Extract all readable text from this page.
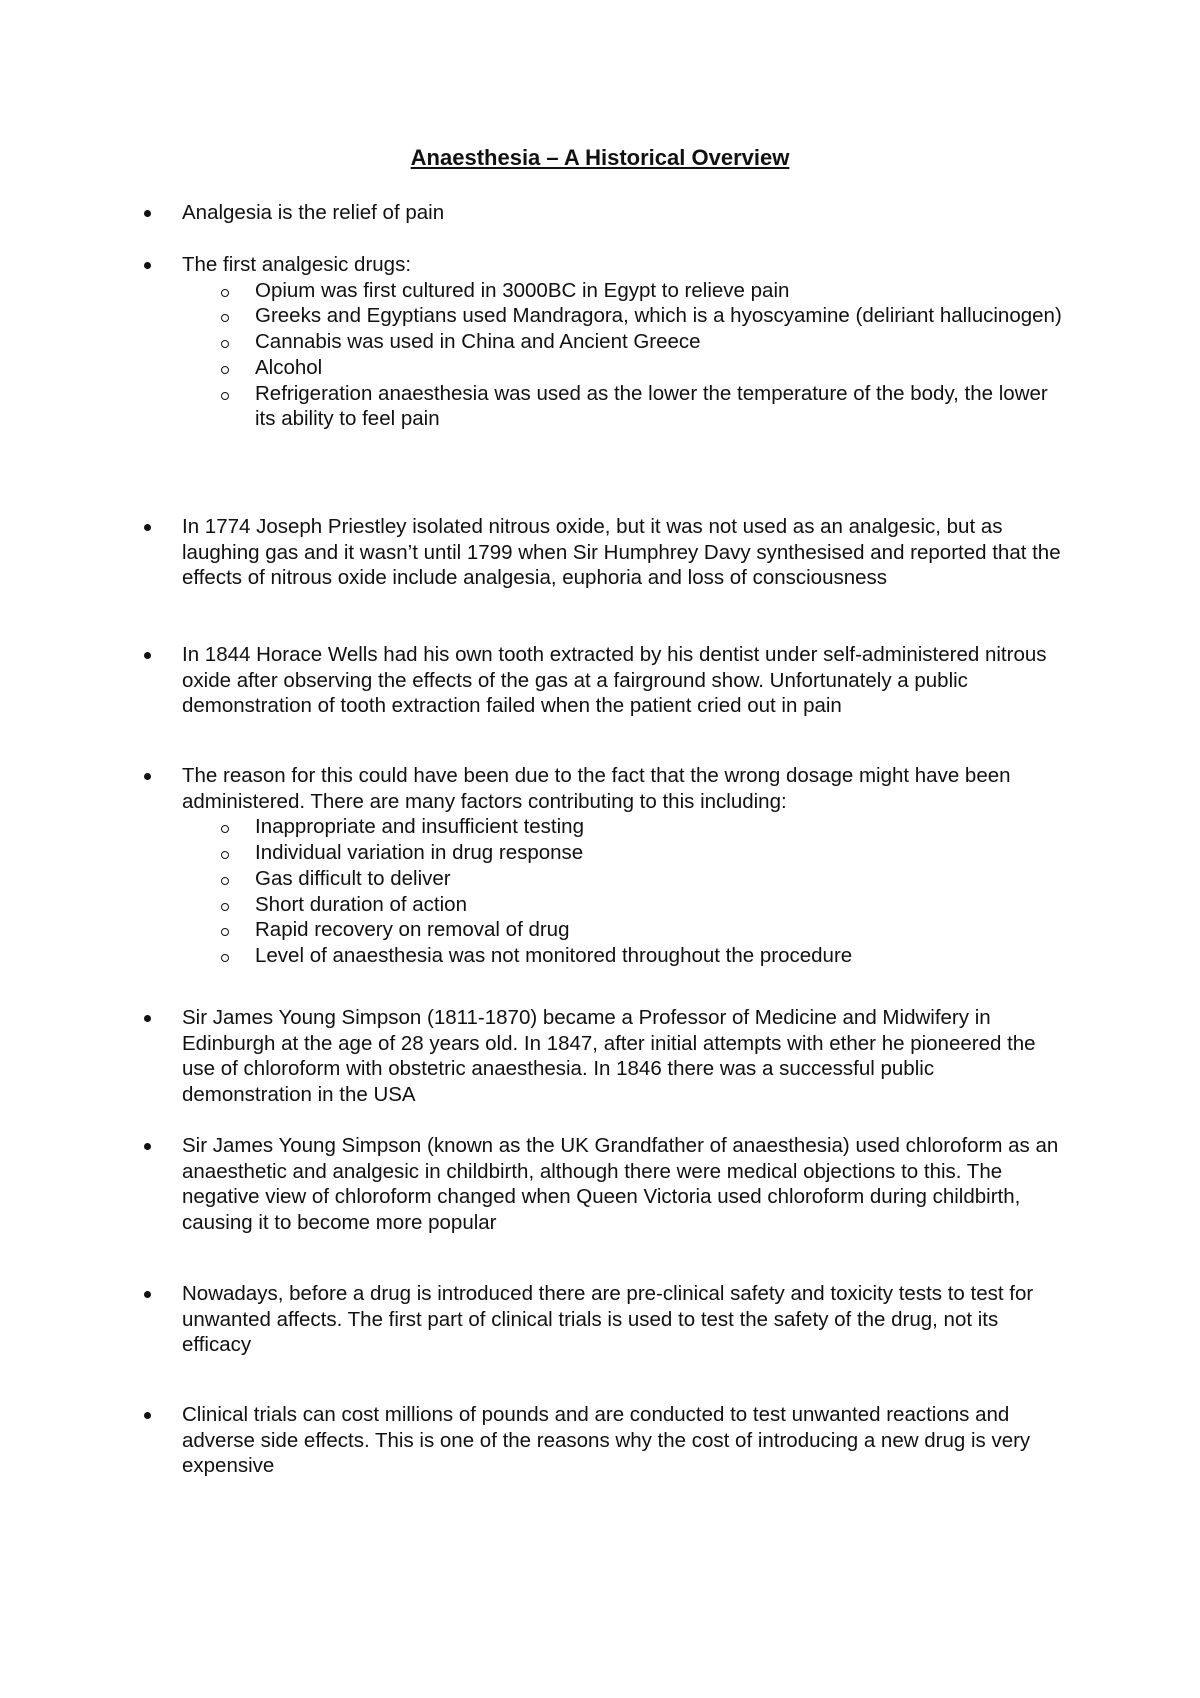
Anaesthesia – A Historical Overview
Analgesia is the relief of pain
The first analgesic drugs:
Opium was first cultured in 3000BC in Egypt to relieve pain
Greeks and Egyptians used Mandragora, which is a hyoscyamine (deliriant hallucinogen)
Cannabis was used in China and Ancient Greece
Alcohol
Refrigeration anaesthesia was used as the lower the temperature of the body, the lower its ability to feel pain
In 1774 Joseph Priestley isolated nitrous oxide, but it was not used as an analgesic, but as laughing gas and it wasn’t until 1799 when Sir Humphrey Davy synthesised and reported that the effects of nitrous oxide include analgesia, euphoria and loss of consciousness
In 1844 Horace Wells had his own tooth extracted by his dentist under self-administered nitrous oxide after observing the effects of the gas at a fairground show. Unfortunately a public demonstration of tooth extraction failed when the patient cried out in pain
The reason for this could have been due to the fact that the wrong dosage might have been administered. There are many factors contributing to this including:
Inappropriate and insufficient testing
Individual variation in drug response
Gas difficult to deliver
Short duration of action
Rapid recovery on removal of drug
Level of anaesthesia was not monitored throughout the procedure
Sir James Young Simpson (1811-1870) became a Professor of Medicine and Midwifery in Edinburgh at the age of 28 years old. In 1847, after initial attempts with ether he pioneered the use of chloroform with obstetric anaesthesia. In 1846 there was a successful public demonstration in the USA
Sir James Young Simpson (known as the UK Grandfather of anaesthesia) used chloroform as an anaesthetic and analgesic in childbirth, although there were medical objections to this. The negative view of chloroform changed when Queen Victoria used chloroform during childbirth, causing it to become more popular
Nowadays, before a drug is introduced there are pre-clinical safety and toxicity tests to test for unwanted affects. The first part of clinical trials is used to test the safety of the drug, not its efficacy
Clinical trials can cost millions of pounds and are conducted to test unwanted reactions and adverse side effects. This is one of the reasons why the cost of introducing a new drug is very expensive
